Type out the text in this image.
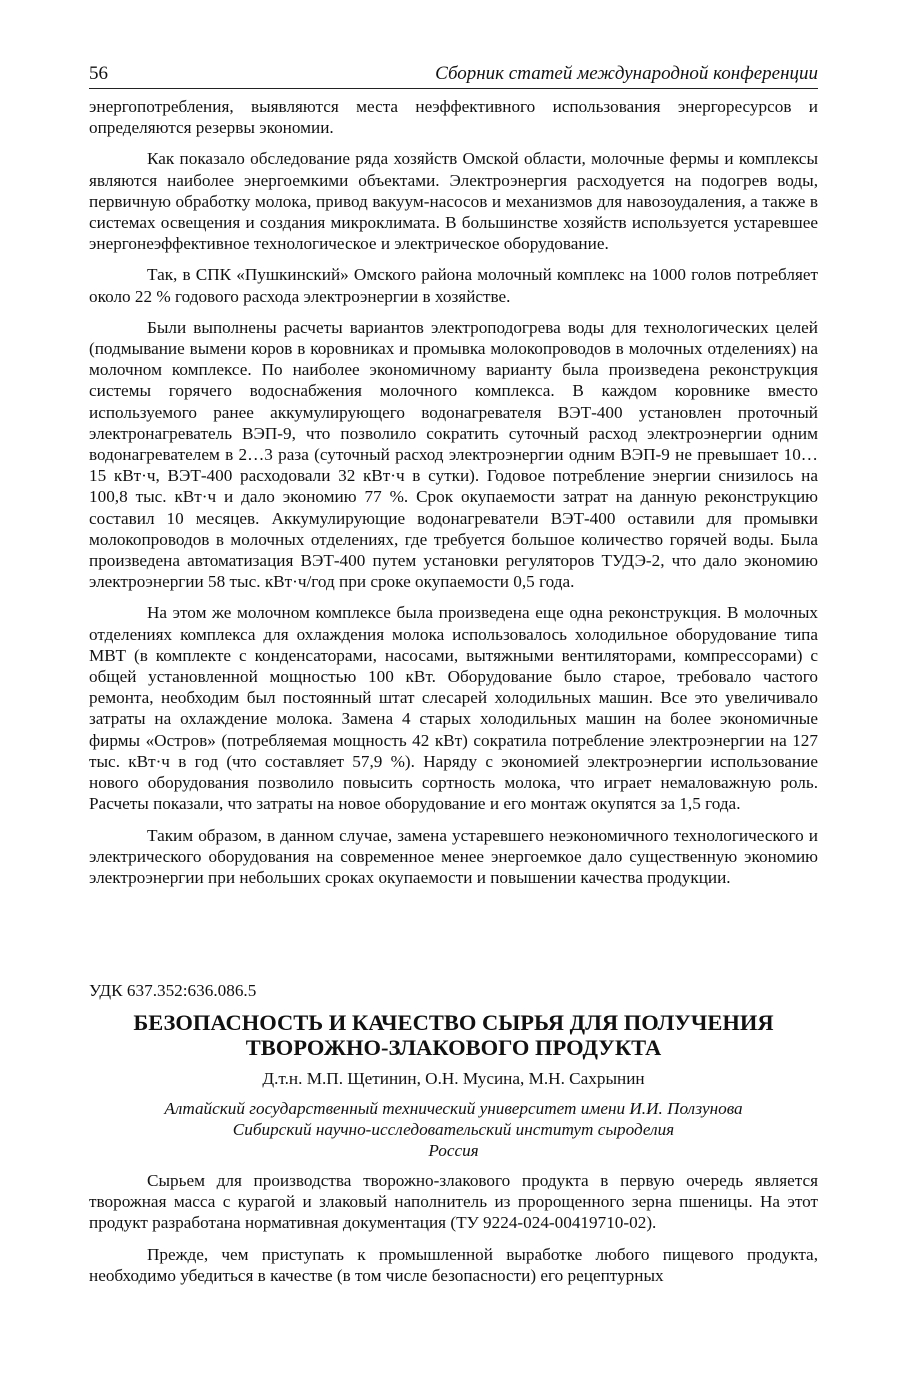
56	Сборник статей международной конференции

энергопотребления, выявляются места неэффективного использования энергоресурсов и определяются резервы экономии.

Как показало обследование ряда хозяйств Омской области, молочные фермы и комплексы являются наиболее энергоемкими объектами. Электроэнергия расходуется на подогрев воды, первичную обработку молока, привод вакуум-насосов и механизмов для навозоудаления, а также в системах освещения и создания микроклимата. В большинстве хозяйств используется устаревшее энергонеэффективное технологическое и электрическое оборудование.

Так, в СПК «Пушкинский» Омского района молочный комплекс на 1000 голов потребляет около 22 % годового расхода электроэнергии в хозяйстве.

Были выполнены расчеты вариантов электроподогрева воды для технологических целей (подмывание вымени коров в коровниках и промывка молокопроводов в молочных отделениях) на молочном комплексе. По наиболее экономичному варианту была произведена реконструкция системы горячего водоснабжения молочного комплекса. В каждом коровнике вместо используемого ранее аккумулирующего водонагревателя ВЭТ-400 установлен проточный электронагреватель ВЭП-9, что позволило сократить суточный расход электроэнергии одним водонагревателем в 2…3 раза (суточный расход электроэнергии одним ВЭП-9 не превышает 10…15 кВт·ч, ВЭТ-400 расходовали 32 кВт·ч в сутки). Годовое потребление энергии снизилось на 100,8 тыс. кВт·ч и дало экономию 77 %. Срок окупаемости затрат на данную реконструкцию составил 10 месяцев. Аккумулирующие водонагреватели ВЭТ-400 оставили для промывки молокопроводов в молочных отделениях, где требуется большое количество горячей воды. Была произведена автоматизация ВЭТ-400 путем установки регуляторов ТУДЭ-2, что дало экономию электроэнергии 58 тыс. кВт·ч/год при сроке окупаемости 0,5 года.

На этом же молочном комплексе была произведена еще одна реконструкция. В молочных отделениях комплекса для охлаждения молока использовалось холодильное оборудование типа МВТ (в комплекте с конденсаторами, насосами, вытяжными вентиляторами, компрессорами) с общей установленной мощностью 100 кВт. Оборудование было старое, требовало частого ремонта, необходим был постоянный штат слесарей холодильных машин. Все это увеличивало затраты на охлаждение молока. Замена 4 старых холодильных машин на более экономичные фирмы «Остров» (потребляемая мощность 42 кВт) сократила потребление электроэнергии на 127 тыс. кВт·ч в год (что составляет 57,9 %). Наряду с экономией электроэнергии использование нового оборудования позволило повысить сортность молока, что играет немаловажную роль. Расчеты показали, что затраты на новое оборудование и его монтаж окупятся за 1,5 года.

Таким образом, в данном случае, замена устаревшего неэкономичного технологического и электрического оборудования на современное менее энергоемкое дало существенную экономию электроэнергии при небольших сроках окупаемости и повышении качества продукции.

УДК 637.352:636.086.5
БЕЗОПАСНОСТЬ И КАЧЕСТВО СЫРЬЯ ДЛЯ ПОЛУЧЕНИЯ
ТВОРОЖНО-ЗЛАКОВОГО ПРОДУКТА
Д.т.н. М.П. Щетинин, О.Н. Мусина, М.Н. Сахрынин
Алтайский государственный технический университет имени И.И. Ползунова
Сибирский научно-исследовательский институт сыроделия
Россия

Сырьем для производства творожно-злакового продукта в первую очередь является творожная масса с курагой и злаковый наполнитель из пророщенного зерна пшеницы. На этот продукт разработана нормативная документация (ТУ 9224-024-00419710-02).

Прежде, чем приступать к промышленной выработке любого пищевого продукта, необходимо убедиться в качестве (в том числе безопасности) его рецептурных
